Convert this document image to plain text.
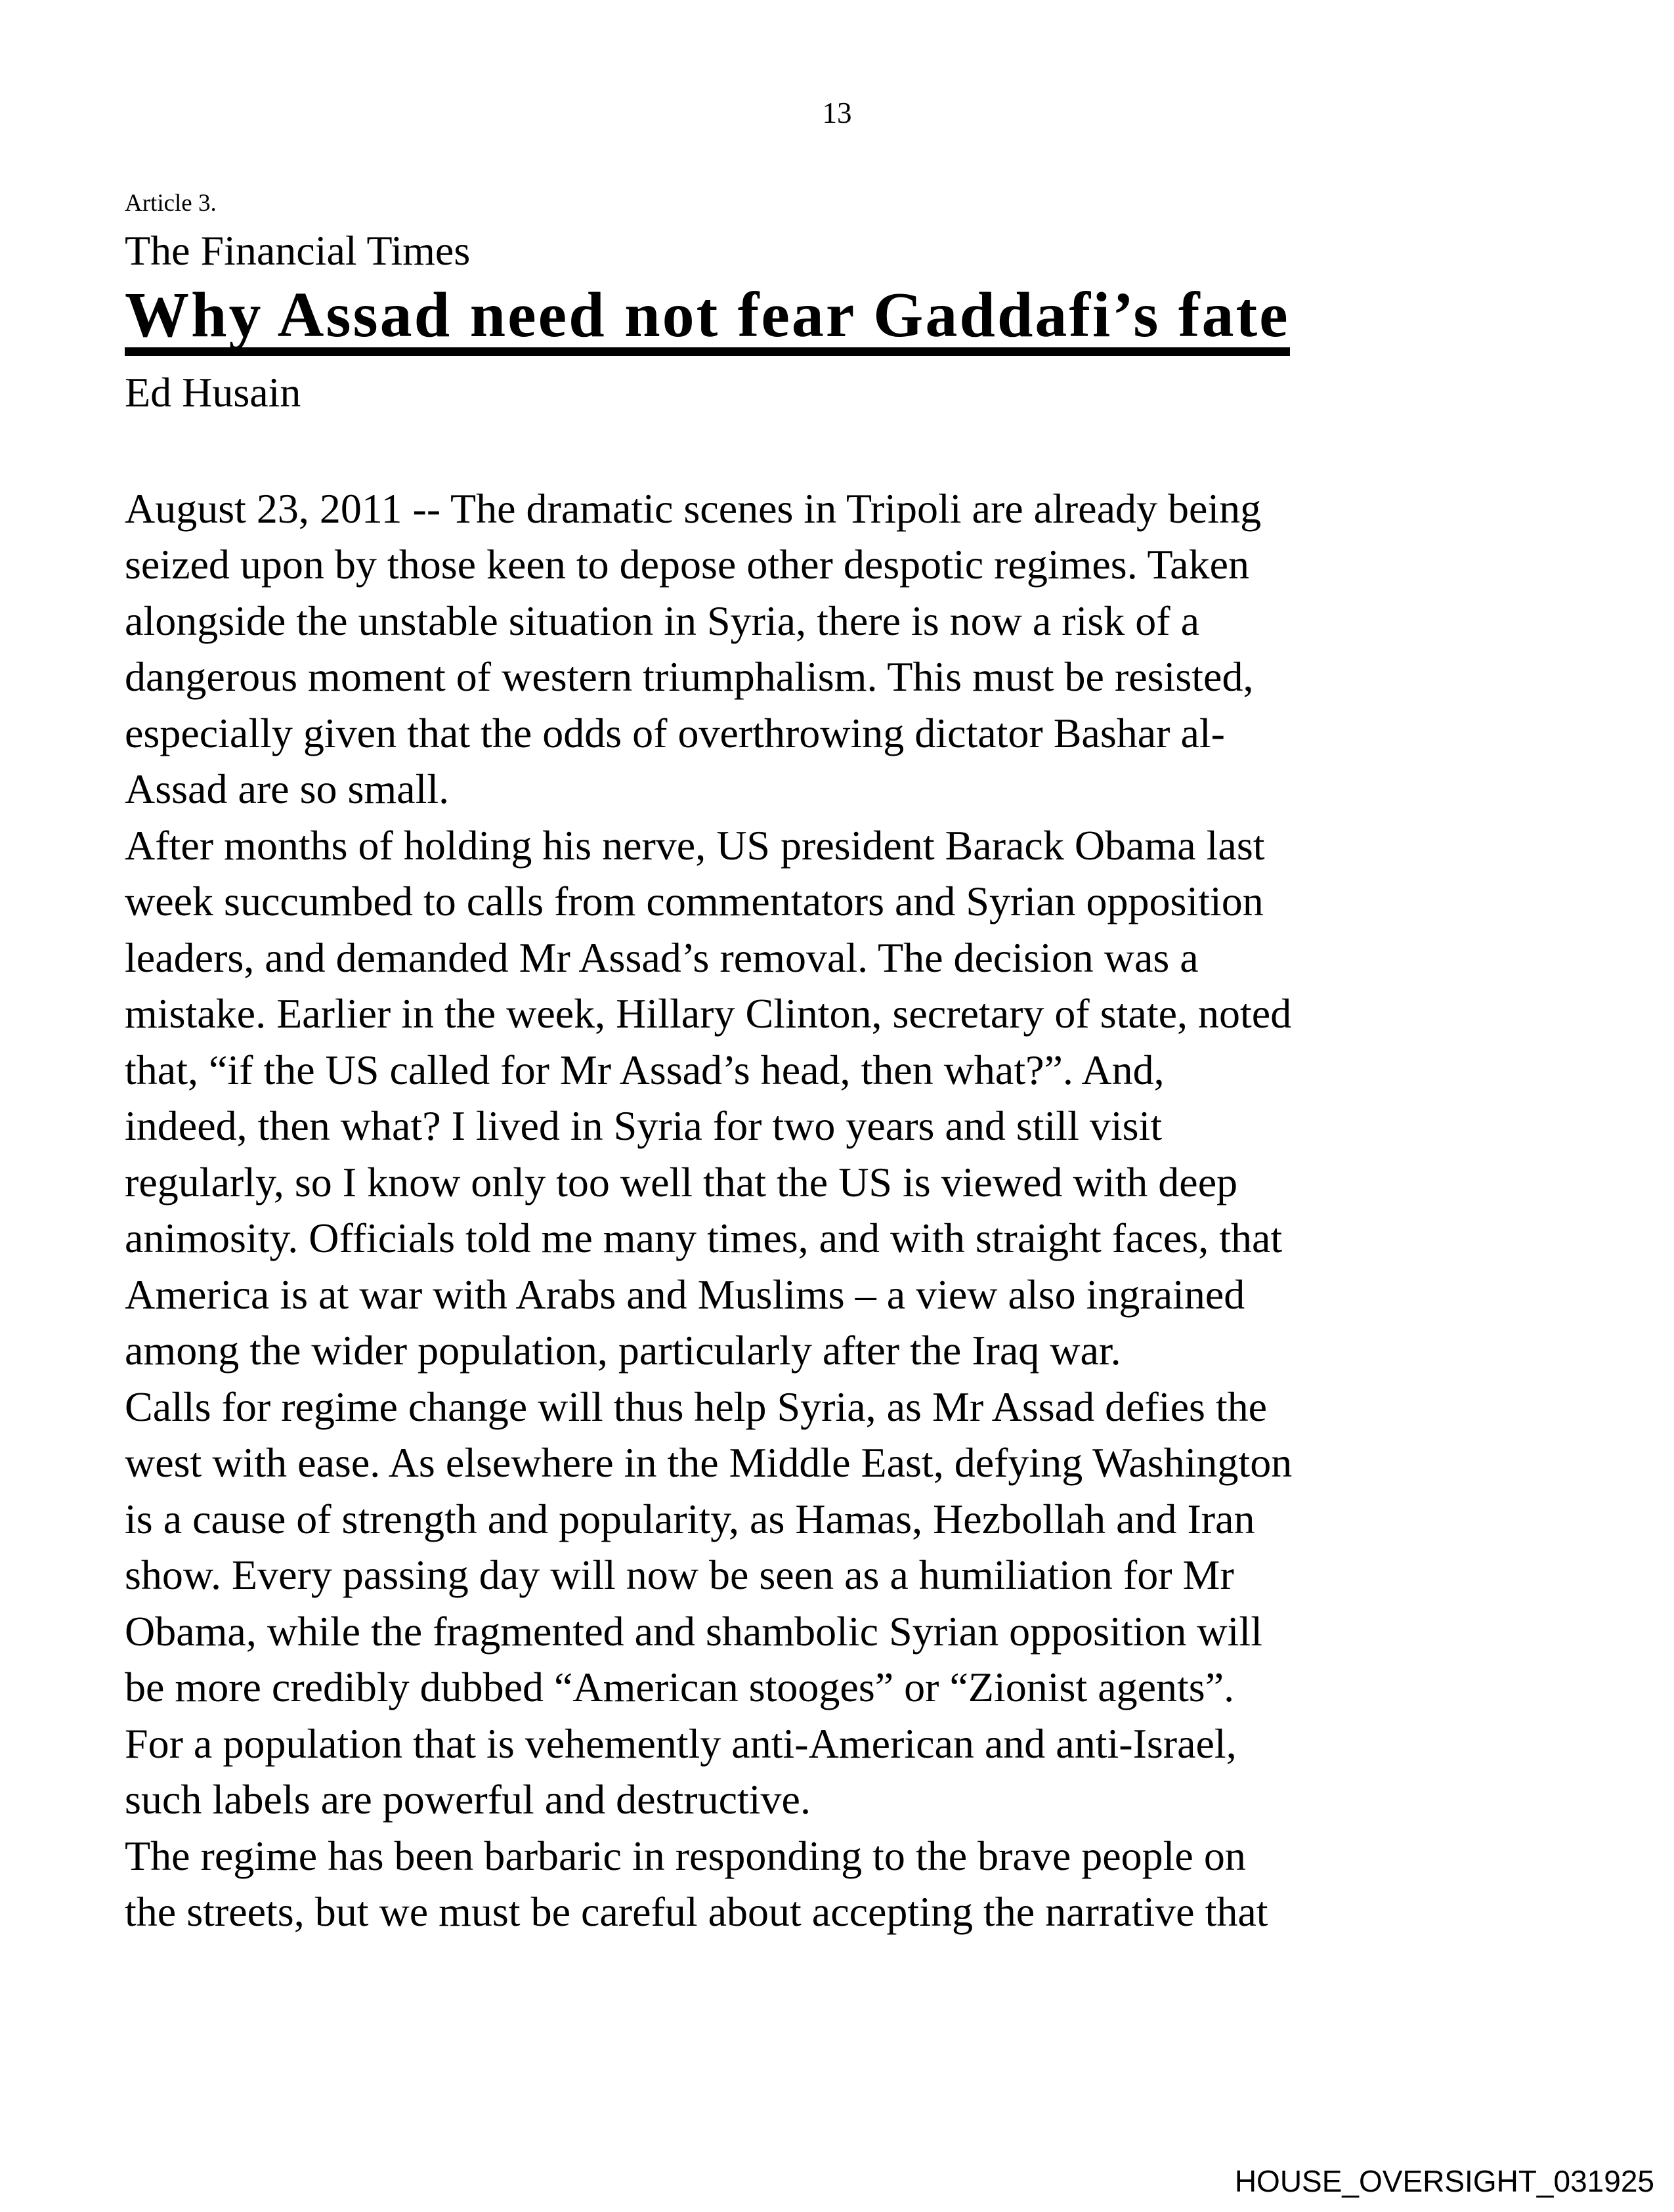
13
Article 3.
The Financial Times
Why Assad need not fear Gaddafi’s fate
Ed Husain
August 23, 2011 -- The dramatic scenes in Tripoli are already being
seized upon by those keen to depose other despotic regimes. Taken
alongside the unstable situation in Syria, there is now a risk of a
dangerous moment of western triumphalism. This must be resisted,
especially given that the odds of overthrowing dictator Bashar al-
Assad are so small.
After months of holding his nerve, US president Barack Obama last
week succumbed to calls from commentators and Syrian opposition
leaders, and demanded Mr Assad’s removal. The decision was a
mistake. Earlier in the week, Hillary Clinton, secretary of state, noted
that, “if the US called for Mr Assad’s head, then what?”. And,
indeed, then what? I lived in Syria for two years and still visit
regularly, so I know only too well that the US is viewed with deep
animosity. Officials told me many times, and with straight faces, that
America is at war with Arabs and Muslims – a view also ingrained
among the wider population, particularly after the Iraq war.
Calls for regime change will thus help Syria, as Mr Assad defies the
west with ease. As elsewhere in the Middle East, defying Washington
is a cause of strength and popularity, as Hamas, Hezbollah and Iran
show. Every passing day will now be seen as a humiliation for Mr
Obama, while the fragmented and shambolic Syrian opposition will
be more credibly dubbed “American stooges” or “Zionist agents”.
For a population that is vehemently anti-American and anti-Israel,
such labels are powerful and destructive.
The regime has been barbaric in responding to the brave people on
the streets, but we must be careful about accepting the narrative that
HOUSE_OVERSIGHT_031925
